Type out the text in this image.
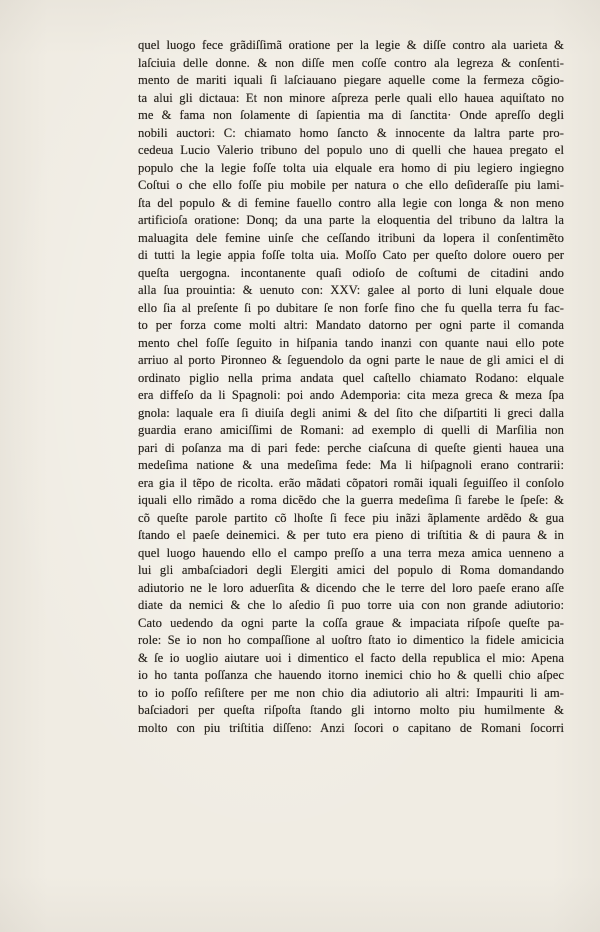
quel luogo fece grãdiſſimã oratione per la legie & diſſe contro ala uarieta &
laſciuia delle donne. & non diſſe men coſſe contro ala legreza & conſenti-
mento de mariti iquali ſi laſciauano piegare aquelle come la fermeza cõgio-
ta alui gli dictaua: Et non minore aſpreza perle quali ello hauea aquiſtato no
me & fama non ſolamente di ſapientia ma di ſanctita· Onde apreſſo degli
nobili auctori: C: chiamato homo ſancto & innocente da laltra parte pro-
cedeua Lucio Valerio tribuno del populo uno di quelli che hauea pregato el
populo che la legie foſſe tolta uia elquale era homo di piu legiero ingiegno
Coſtui o che ello foſſe piu mobile per natura o che ello deſideraſſe piu lami-
ſta del populo & di femine fauello contro alla legie con longa & non meno
artificioſa oratione: Donq; da una parte la eloquentia del tribuno da laltra la
maluagita dele femine uinſe che ceſſando itribuni da lopera il conſentimẽto
di tutti la legie appia foſſe tolta uia. Moſſo Cato per queſto dolore ouero per
queſta uergogna. incontanente quaſi odioſo de coſtumi de citadini ando
alla ſua prouintia: & uenuto con: XXV: galee al porto di luni elquale doue
ello ſia al preſente ſi po dubitare ſe non forſe fino che fu quella terra fu fac-
to per forza come molti altri: Mandato datorno per ogni parte il comanda
mento chel foſſe ſeguito in hiſpania tando inanzi con quante naui ello pote
arriuo al porto Pironneo & ſeguendolo da ogni parte le naue de gli amici el di
ordinato piglio nella prima andata quel caſtello chiamato Rodano: elquale
era diffeſo da li Spagnoli: poi ando Ademporia: cita meza greca & meza ſpa
gnola: laquale era ſi diuiſa degli animi & del ſito che diſpartiti li greci dalla
guardia erano amiciſſimi de Romani: ad exemplo di quelli di Marſilia non
pari di poſanza ma di pari fede: perche ciaſcuna di queſte gienti hauea una
medeſima natione & una medeſima fede: Ma li hiſpagnoli erano contrarii:
era gia il tẽpo de ricolta. erão mãdati cõpatori romãi iquali ſeguiſſeo il conſolo
iquali ello rimãdo a roma dicẽdo che la guerra medeſima ſi farebe le ſpeſe: &
cõ queſte parole partito cõ lhoſte ſi fece piu inãzi ãplamente ardẽdo & gua
ſtando el paeſe deinemici. & per tuto era pieno di triſtitia & di paura & in
quel luogo hauendo ello el campo preſſo a una terra meza amica uenneno a
lui gli ambaſciadori degli Elergiti amici del populo di Roma domandando
adiutorio ne le loro aduerſita & dicendo che le terre del loro paeſe erano aſſe
diate da nemici & che lo aſedio ſi puo torre uia con non grande adiutorio:
Cato uedendo da ogni parte la coſſa graue & impaciata riſpoſe queſte pa-
role: Se io non ho compaſſione al uoſtro ſtato io dimentico la fidele amicicia
& ſe io uoglio aiutare uoi i dimentico el facto della republica el mio: Apena
io ho tanta poſſanza che hauendo itorno inemici chio ho & quelli chio aſpec
to io poſſo reſiſtere per me non chio dia adiutorio ali altri: Impauriti li am-
baſciadori per queſta riſpoſta ſtando gli intorno molto piu humilmente &
molto con piu triſtitia diſſeno: Anzi ſocori o capitano de Romani ſocorri
